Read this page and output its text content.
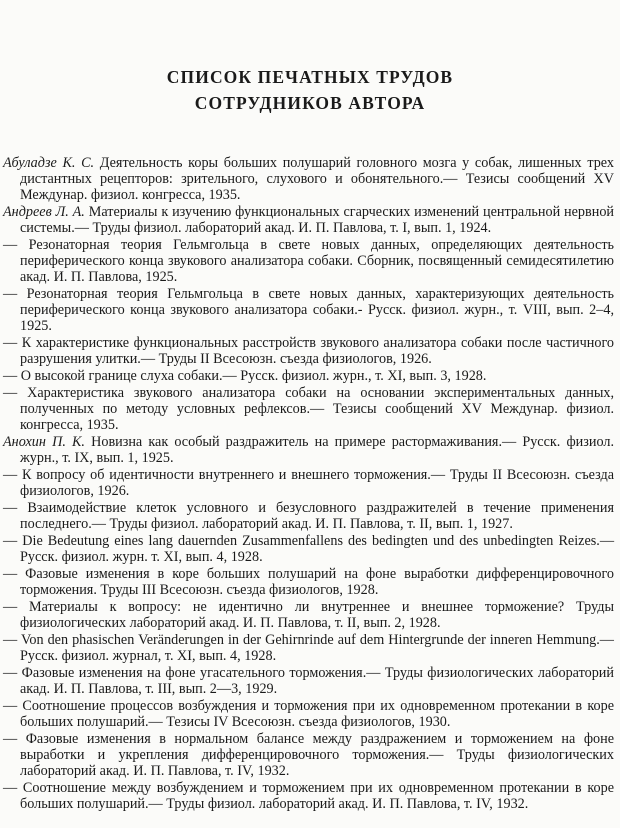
СПИСОК ПЕЧАТНЫХ ТРУДОВ
СОТРУДНИКОВ АВТОРА

Абуладзе К. С. Деятельность коры больших полушарий головного мозга у собак, лишенных трех дистантных рецепторов: зрительного, слухового и обонятельного.— Тезисы сообщений XV Междунар. физиол. конгресса, 1935.

Андреев Л. А. Материалы к изучению функциональных сгарческих изменений центральной нервной системы.— Труды физиол. лабораторий акад. И. П. Павлова, т. I, вып. 1, 1924.

— Резонаторная теория Гельмгольца в свете новых данных, определяющих деятельность периферического конца звукового анализатора собаки. Сборник, посвященный семидесятилетию акад. И. П. Павлова, 1925.

— Резонаторная теория Гельмгольца в свете новых данных, характеризующих деятельность периферического конца звукового анализатора собаки.- Русск. физиол. журн., т. VIII, вып. 2–4, 1925.

— К характеристике функциональных расстройств звукового анализатора собаки после частичного разрушения улитки.— Труды II Всесоюзн. съезда физиологов, 1926.

— О высокой границе слуха собаки.— Русск. физиол. журн., т. XI, вып. 3, 1928.

— Характеристика звукового анализатора собаки на основании экспериментальных данных, полученных по методу условных рефлексов.— Тезисы сообщений XV Междунар. физиол. конгресса, 1935.

Анохин П. К. Новизна как особый раздражитель на примере растормаживания.— Русск. физиол. журн., т. IX, вып. 1, 1925.

— К вопросу об идентичности внутреннего и внешнего торможения.— Труды II Всесоюзн. съезда физиологов, 1926.

— Взаимодействие клеток условного и безусловного раздражителей в течение применения последнего.— Труды физиол. лабораторий акад. И. П. Павлова, т. II, вып. 1, 1927.

— Die Bedeutung eines lang dauernden Zusammenfallens des bedingten und des unbedingten Reizes.— Русск. физиол. журн. т. XI, вып. 4, 1928.

— Фазовые изменения в коре больших полушарий на фоне выработки дифференцировочного торможения. Труды III Всесоюзн. съезда физиологов, 1928.

— Материалы к вопросу: не идентично ли внутреннее и внешнее торможение? Труды физиологических лабораторий акад. И. П. Павлова, т. II, вып. 2, 1928.

— Von den phasischen Veränderungen in der Gehirnrinde auf dem Hintergrunde der inneren Hemmung.— Русск. физиол. журнал, т. XI, вып. 4, 1928.

— Фазовые изменения на фоне угасательного торможения.— Труды физиологических лабораторий акад. И. П. Павлова, т. III, вып. 2—3, 1929.

— Соотношение процессов возбуждения и торможения при их одновременном протекании в коре больших полушарий.— Тезисы IV Всесоюзн. съезда физиологов, 1930.

— Фазовые изменения в нормальном балансе между раздражением и торможением на фоне выработки и укрепления дифференцировочного торможения.— Труды физиологических лабораторий акад. И. П. Павлова, т. IV, 1932.

— Соотношение между возбуждением и торможением при их одновременном протекании в коре больших полушарий.— Труды физиол. лабораторий акад. И. П. Павлова, т. IV, 1932.
